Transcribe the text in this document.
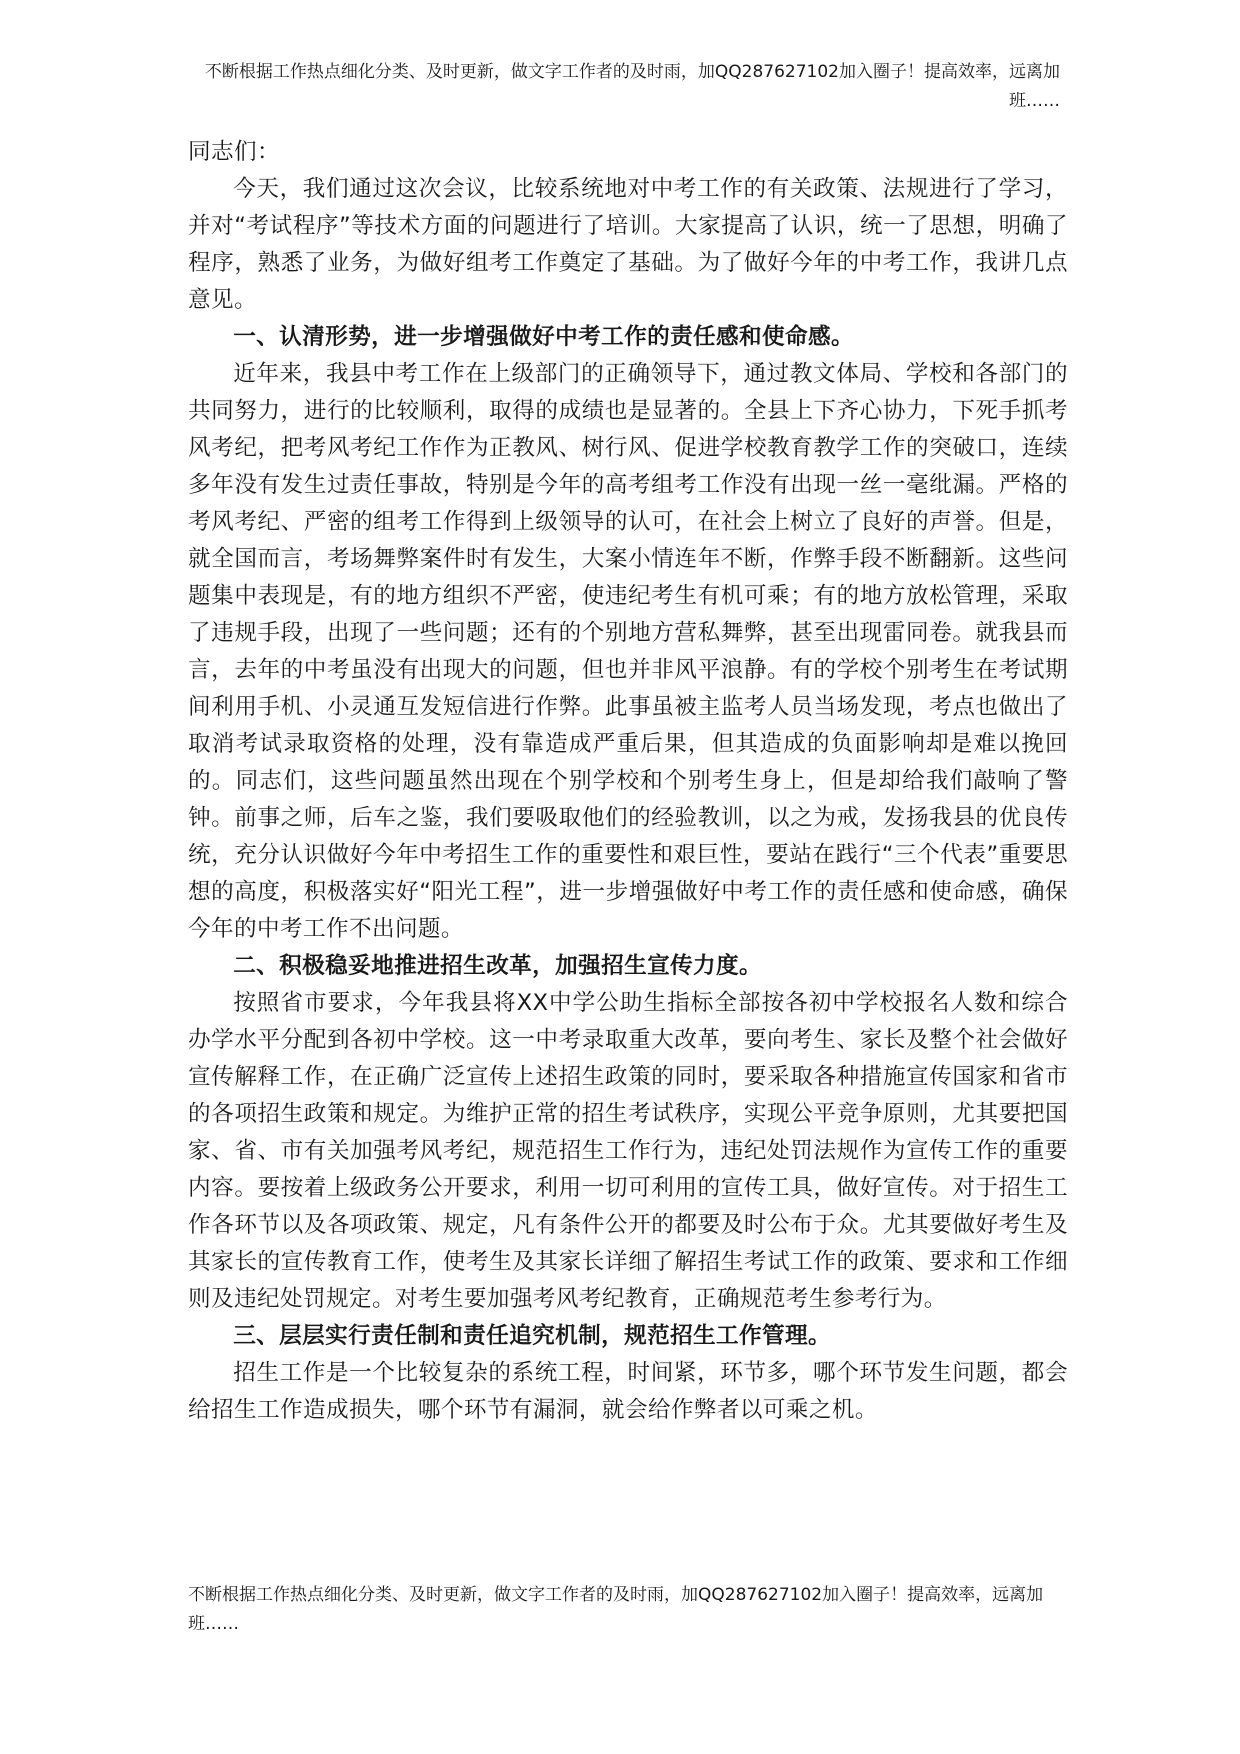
不断根据工作热点细化分类、及时更新，做文字工作者的及时雨，加QQ287627102加入圈子！提高效率，远离加班……

同志们：

今天，我们通过这次会议，比较系统地对中考工作的有关政策、法规进行了学习，并对“考试程序”等技术方面的问题进行了培训。大家提高了认识，统一了思想，明确了程序，熟悉了业务，为做好组考工作奠定了基础。为了做好今年的中考工作，我讲几点意见。

一、认清形势，进一步增强做好中考工作的责任感和使命感。

近年来，我县中考工作在上级部门的正确领导下，通过教文体局、学校和各部门的共同努力，进行的比较顺利，取得的成绩也是显著的。全县上下齐心协力，下死手抓考风考纪，把考风考纪工作作为正教风、树行风、促进学校教育教学工作的突破口，连续多年没有发生过责任事故，特别是今年的高考组考工作没有出现一丝一毫纰漏。严格的考风考纪、严密的组考工作得到上级领导的认可，在社会上树立了良好的声誉。但是，就全国而言，考场舞弊案件时有发生，大案小情连年不断，作弊手段不断翻新。这些问题集中表现是，有的地方组织不严密，使违纪考生有机可乘；有的地方放松管理，采取了违规手段，出现了一些问题；还有的个别地方营私舞弊，甚至出现雷同卷。就我县而言，去年的中考虽没有出现大的问题，但也并非风平浪静。有的学校个别考生在考试期间利用手机、小灵通互发短信进行作弊。此事虽被主监考人员当场发现，考点也做出了取消考试录取资格的处理，没有靠造成严重后果，但其造成的负面影响却是难以挽回的。同志们，这些问题虽然出现在个别学校和个别考生身上，但是却给我们敲响了警钟。前事之师，后车之鉴，我们要吸取他们的经验教训，以之为戒，发扬我县的优良传统，充分认识做好今年中考招生工作的重要性和艰巨性，要站在践行“三个代表”重要思想的高度，积极落实好“阳光工程”，进一步增强做好中考工作的责任感和使命感，确保今年的中考工作不出问题。

二、积极稳妥地推进招生改革，加强招生宣传力度。

按照省市要求，今年我县将XX中学公助生指标全部按各初中学校报名人数和综合办学水平分配到各初中学校。这一中考录取重大改革，要向考生、家长及整个社会做好宣传解释工作，在正确广泛宣传上述招生政策的同时，要采取各种措施宣传国家和省市的各项招生政策和规定。为维护正常的招生考试秩序，实现公平竞争原则，尤其要把国家、省、市有关加强考风考纪，规范招生工作行为，违纪处罚法规作为宣传工作的重要内容。要按着上级政务公开要求，利用一切可利用的宣传工具，做好宣传。对于招生工作各环节以及各项政策、规定，凡有条件公开的都要及时公布于众。尤其要做好考生及其家长的宣传教育工作，使考生及其家长详细了解招生考试工作的政策、要求和工作细则及违纪处罚规定。对考生要加强考风考纪教育，正确规范考生参考行为。

三、层层实行责任制和责任追究机制，规范招生工作管理。

招生工作是一个比较复杂的系统工程，时间紧，环节多，哪个环节发生问题，都会给招生工作造成损失，哪个环节有漏洞，就会给作弊者以可乘之机。

不断根据工作热点细化分类、及时更新，做文字工作者的及时雨，加QQ287627102加入圈子！提高效率，远离加班……
